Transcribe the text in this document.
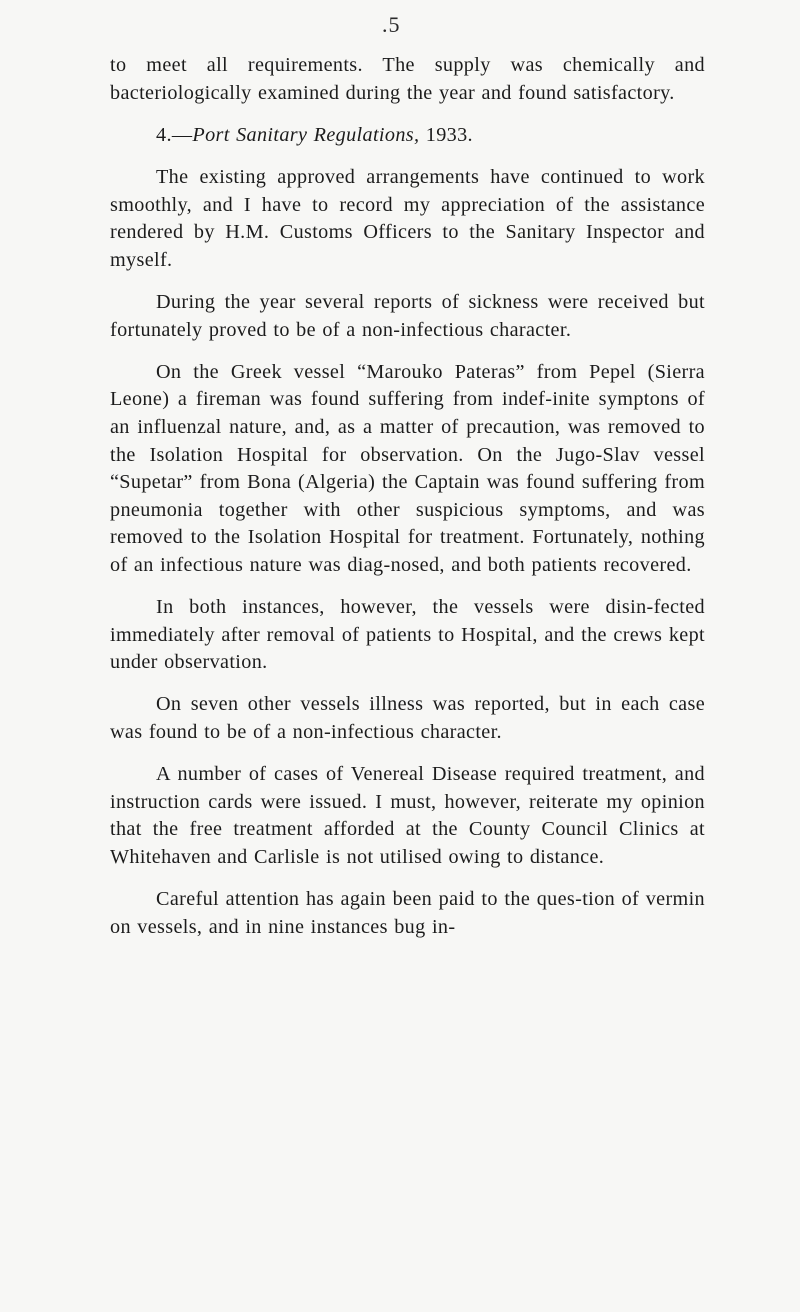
.5

to meet all requirements. The supply was chemically and bacteriologically examined during the year and found satisfactory.

4.—Port Sanitary Regulations, 1933.

The existing approved arrangements have continued to work smoothly, and I have to record my appreciation of the assistance rendered by H.M. Customs Officers to the Sanitary Inspector and myself.

During the year several reports of sickness were received but fortunately proved to be of a non-infectious character.

On the Greek vessel “Marouko Pateras” from Pepel (Sierra Leone) a fireman was found suffering from indef-inite symptons of an influenzal nature, and, as a matter of precaution, was removed to the Isolation Hospital for observation. On the Jugo-Slav vessel “Supetar” from Bona (Algeria) the Captain was found suffering from pneumonia together with other suspicious symptoms, and was removed to the Isolation Hospital for treatment. Fortunately, nothing of an infectious nature was diag-nosed, and both patients recovered.

In both instances, however, the vessels were disin-fected immediately after removal of patients to Hospital, and the crews kept under observation.

On seven other vessels illness was reported, but in each case was found to be of a non-infectious character.

A number of cases of Venereal Disease required treatment, and instruction cards were issued. I must, however, reiterate my opinion that the free treatment afforded at the County Council Clinics at Whitehaven and Carlisle is not utilised owing to distance.

Careful attention has again been paid to the ques-tion of vermin on vessels, and in nine instances bug in-
